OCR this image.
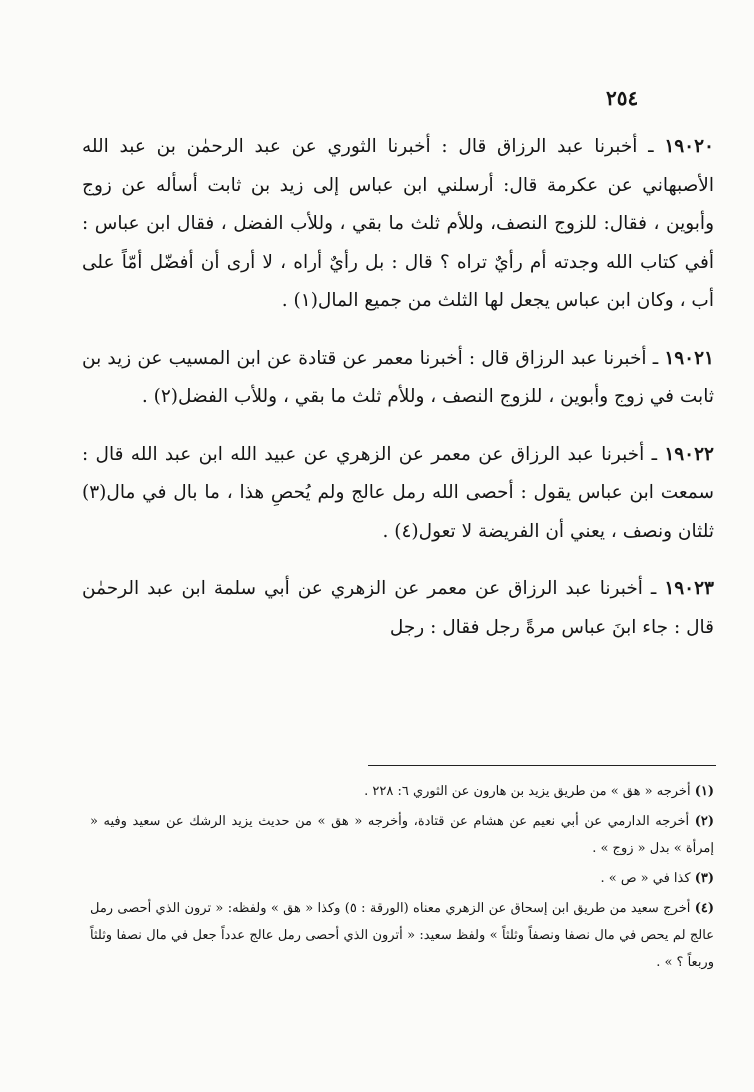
٢٥٤

١٩٠٢٠ ـ أخبرنا عبد الرزاق قال : أخبرنا الثوري عن عبد الرحمٰن بن عبد الله الأصبهاني عن عكرمة قال: أرسلني ابن عباس إلى زيد بن ثابت أسأله عن زوج وأبوين ، فقال: للزوج النصف، وللأم ثلث ما بقي ، وللأب الفضل ، فقال ابن عباس : أفي كتاب الله وجدته أم رأيٌ تراه ؟ قال : بل رأيٌ أراه ، لا أرى أن أفضّل أمّاً على أب ، وكان ابن عباس يجعل لها الثلث من جميع المال(١) .

١٩٠٢١ ـ أخبرنا عبد الرزاق قال : أخبرنا معمر عن قتادة عن ابن المسيب عن زيد بن ثابت في زوج وأبوين ، للزوج النصف ، وللأم ثلث ما بقي ، وللأب الفضل(٢) .

١٩٠٢٢ ـ أخبرنا عبد الرزاق عن معمر عن الزهري عن عبيد الله ابن عبد الله قال : سمعت ابن عباس يقول : أحصى الله رمل عالج ولم يُحصِ هذا ، ما بال في مال(٣) ثلثان ونصف ، يعني أن الفريضة لا تعول(٤) .

١٩٠٢٣ ـ أخبرنا عبد الرزاق عن معمر عن الزهري عن أبي سلمة ابن عبد الرحمٰن قال : جاء ابنَ عباس مرةً رجل فقال : رجل

(١) أخرجه « هق » من طريق يزيد بن هارون عن الثوري ٦: ٢٢٨ .

(٢) أخرجه الدارمي عن أبي نعيم عن هشام عن قتادة، وأخرجه « هق » من حديث يزيد الرشك عن سعيد وفيه « إمرأة » بدل « زوج » .

(٣) كذا في « ص » .

(٤) أخرج سعيد من طريق ابن إسحاق عن الزهري معناه (الورقة : ٥) وكذا « هق » ولفظه: « ترون الذي أحصى رمل عالج لم يحص في مال نصفا ونصفاً وثلثاً » ولفظ سعيد: « أترون الذي أحصى رمل عالج عدداً جعل في مال نصفا وثلثاً وربعاً ؟ » .
